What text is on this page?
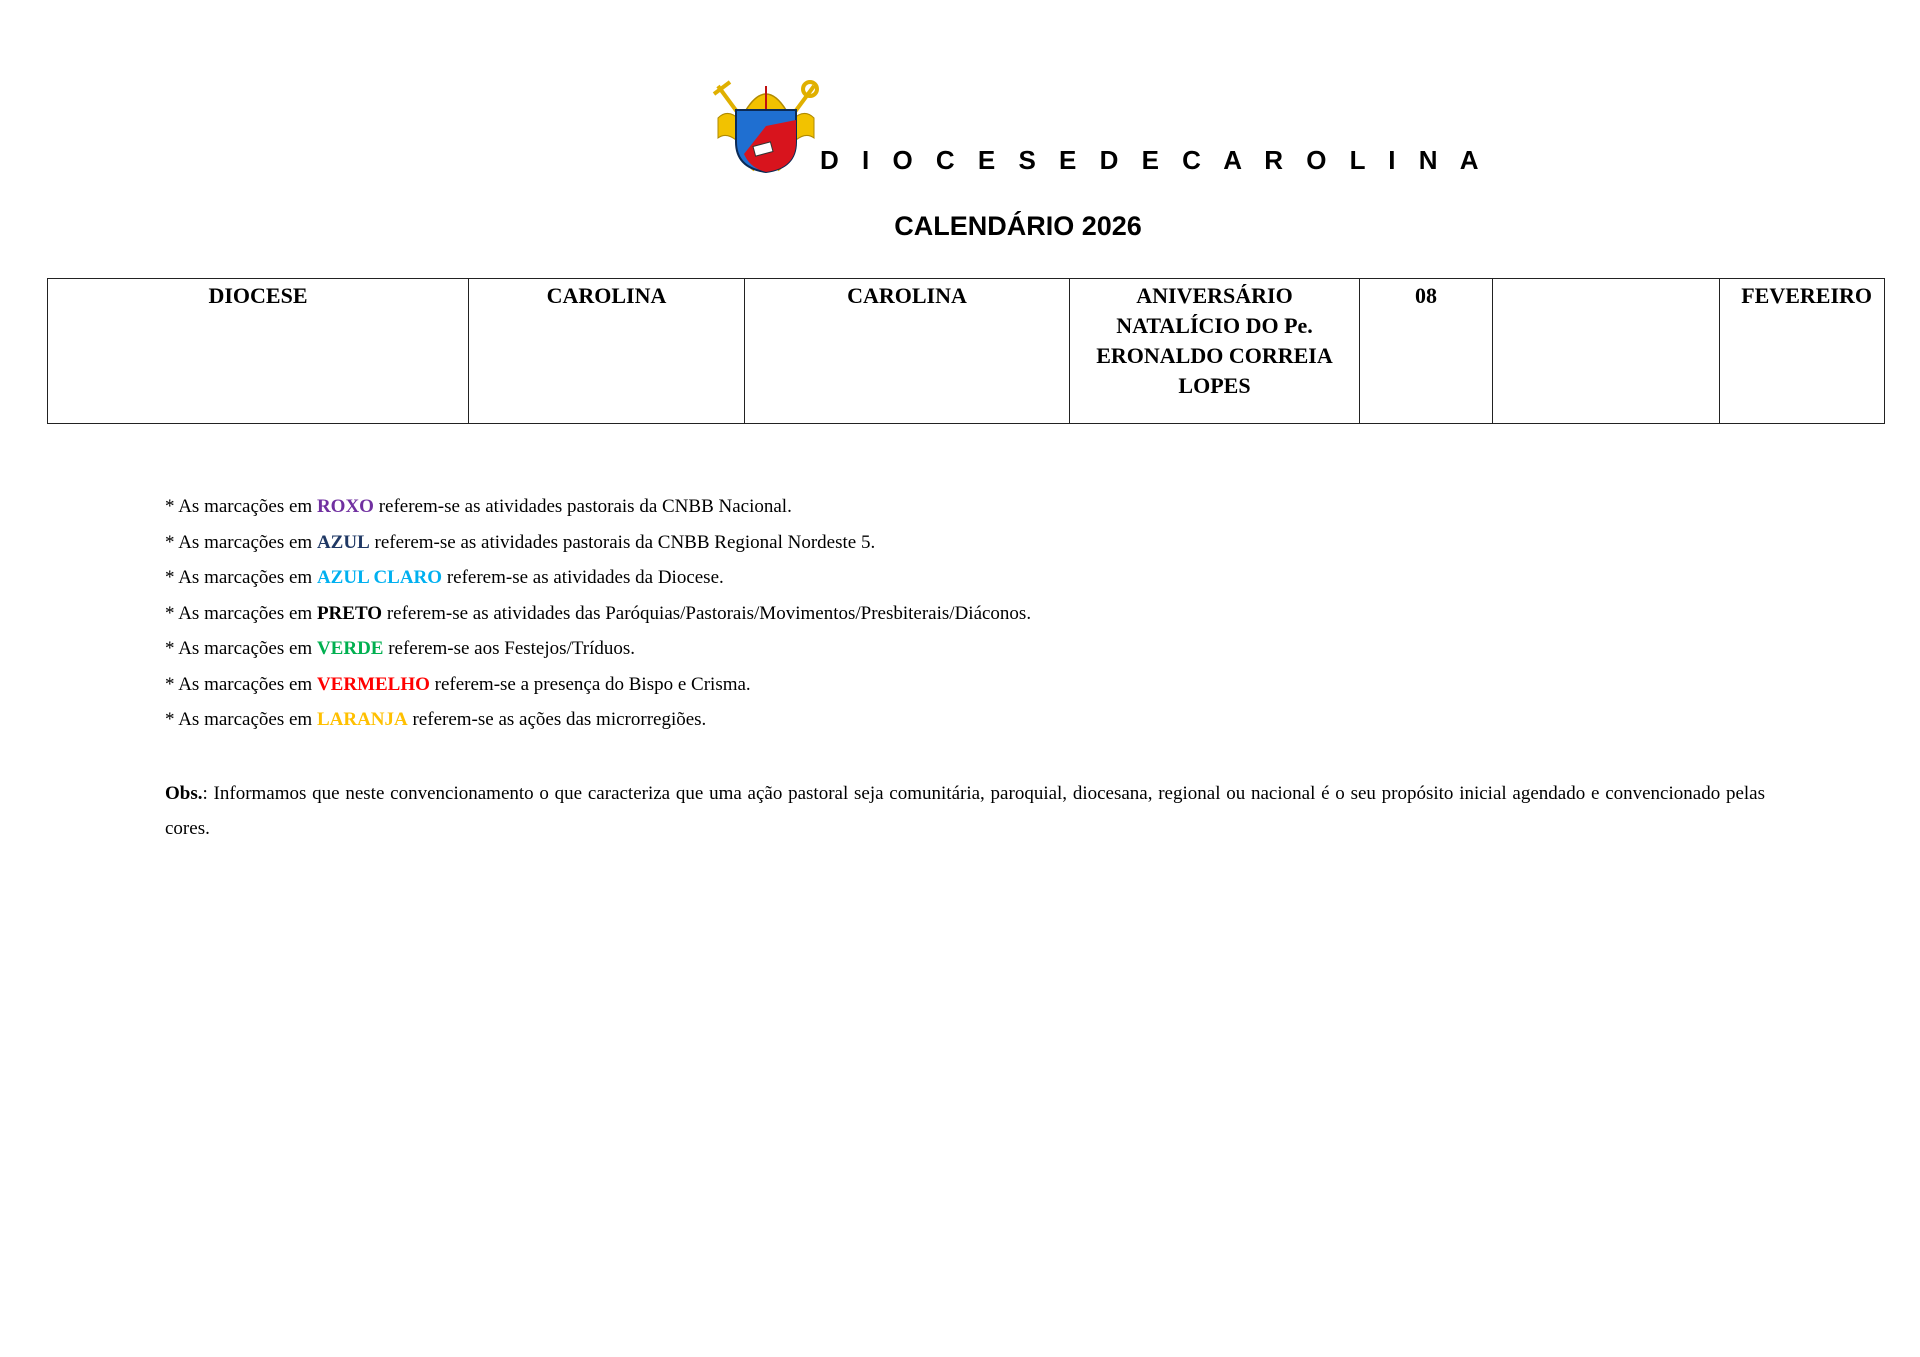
D I O C E S E D E C A R O L I N A
CALENDÁRIO 2026
DIOCESE	CAROLINA	CAROLINA	ANIVERSÁRIO NATALÍCIO DO Pe. ERONALDO CORREIA LOPES	08		FEVEREIRO
* As marcações em ROXO referem-se as atividades pastorais da CNBB Nacional.
* As marcações em AZUL referem-se as atividades pastorais da CNBB Regional Nordeste 5.
* As marcações em AZUL CLARO referem-se as atividades da Diocese.
* As marcações em PRETO referem-se as atividades das Paróquias/Pastorais/Movimentos/Presbiterais/Diáconos.
* As marcações em VERDE referem-se aos Festejos/Tríduos.
* As marcações em VERMELHO referem-se a presença do Bispo e Crisma.
* As marcações em LARANJA referem-se as ações das microrregiões.
Obs.: Informamos que neste convencionamento o que caracteriza que uma ação pastoral seja comunitária, paroquial, diocesana, regional ou nacional é o seu propósito inicial agendado e convencionado pelas cores.
